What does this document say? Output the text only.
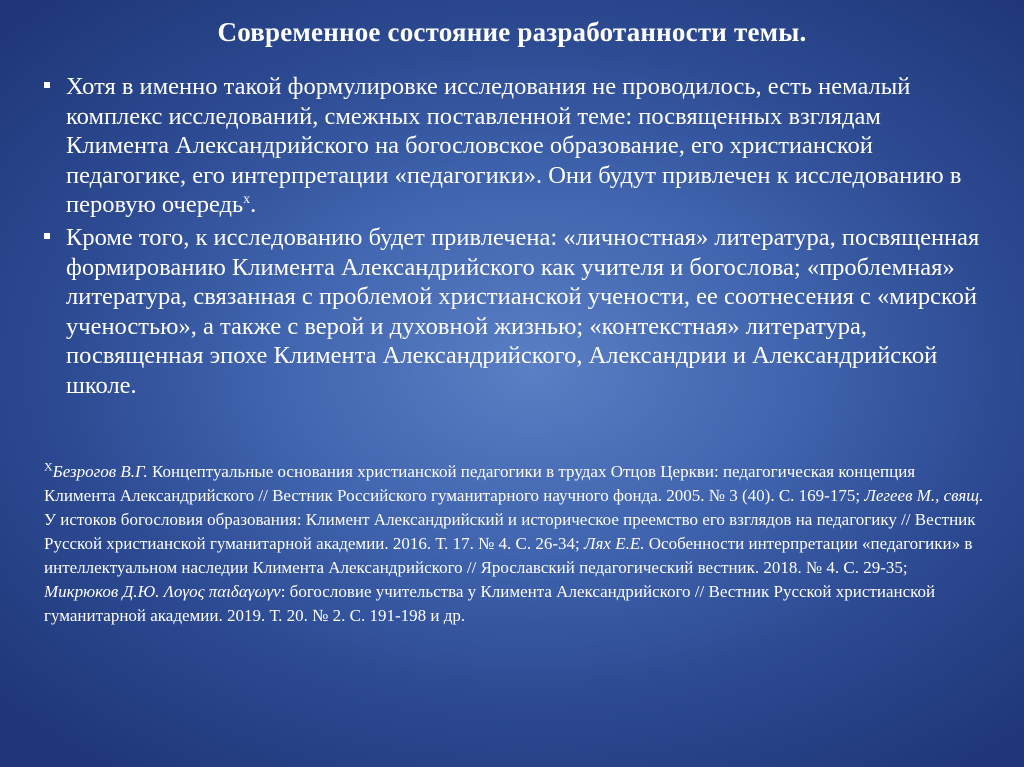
Современное состояние разработанности темы.
Хотя в именно такой формулировке исследования не проводилось, есть немалый комплекс исследований, смежных поставленной теме: посвященных взглядам Климента Александрийского на богословское образование, его христианской педагогике, его интерпретации «педагогики». Они будут привлечен к исследованию в перовую очередь$^x$.
Кроме того, к исследованию будет привлечена: «личностная» литература, посвященная формированию Климента Александрийского как учителя и богослова; «проблемная» литература, связанная с проблемой христианской учености, ее соотнесения с «мирской ученостью», а также с верой и духовной жизнью; «контекстная» литература, посвященная эпохе Климента Александрийского, Александрии и Александрийской школе.
$^X$Безрогов В.Г. Концептуальные основания христианской педагогики в трудах Отцов Церкви: педагогическая концепция Климента Александрийского // Вестник Российского гуманитарного научного фонда. 2005. № 3 (40). С. 169-175; Легеев М., свящ. У истоков богословия образования: Климент Александрийский и историческое преемство его взглядов на педагогику // Вестник Русской христианской гуманитарной академии. 2016. Т. 17. № 4. С. 26-34; Лях Е.Е. Особенности интерпретации «педагогики» в интеллектуальном наследии Климента Александрийского // Ярославский педагогический вестник. 2018. № 4. С. 29-35; Микрюков Д.Ю. Λογος παιδαγωγν: богословие учительства у Климента Александрийского // Вестник Русской христианской гуманитарной академии. 2019. Т. 20. № 2. С. 191-198 и др.
